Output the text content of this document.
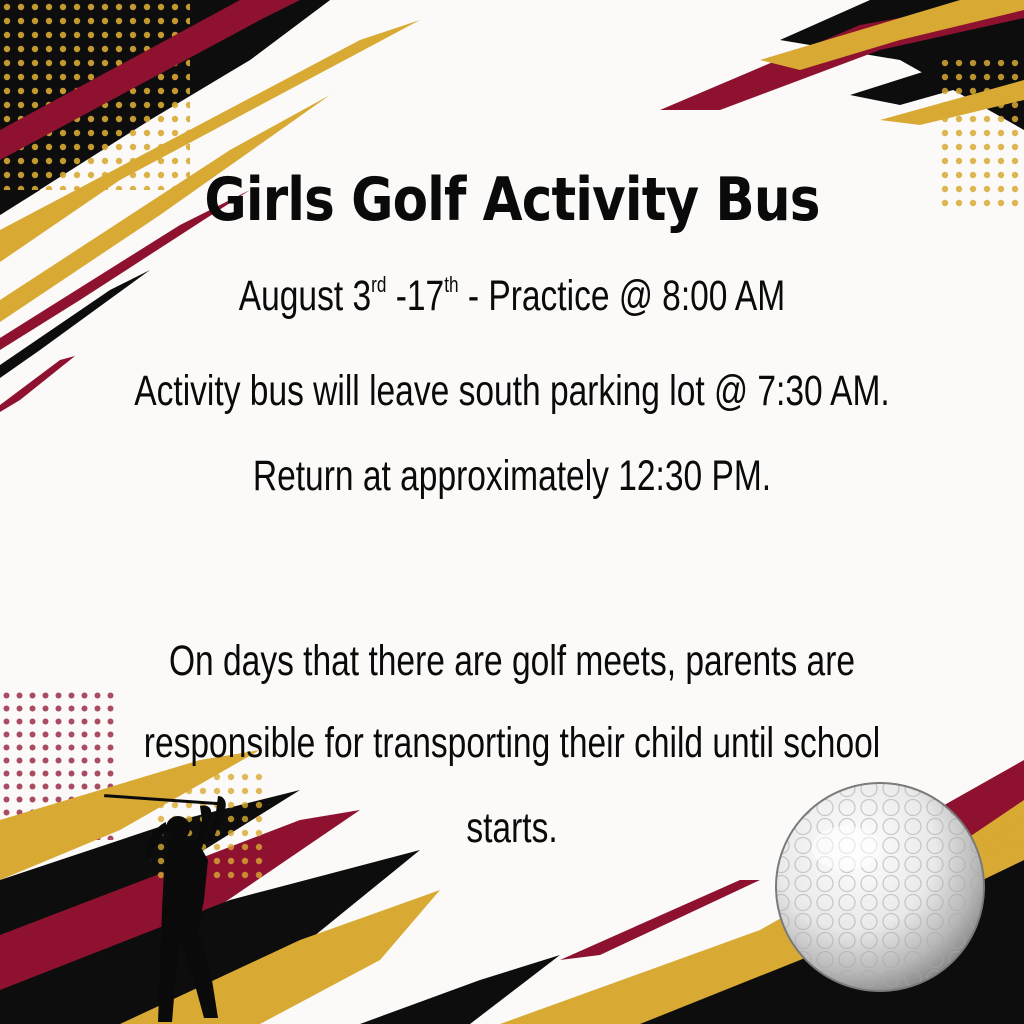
Girls Golf Activity Bus
August 3rd -17th - Practice @ 8:00 AM
Activity bus will leave south parking lot @ 7:30 AM.
Return at approximately 12:30 PM.
On days that there are golf meets, parents are
responsible for transporting their child until school
starts.
